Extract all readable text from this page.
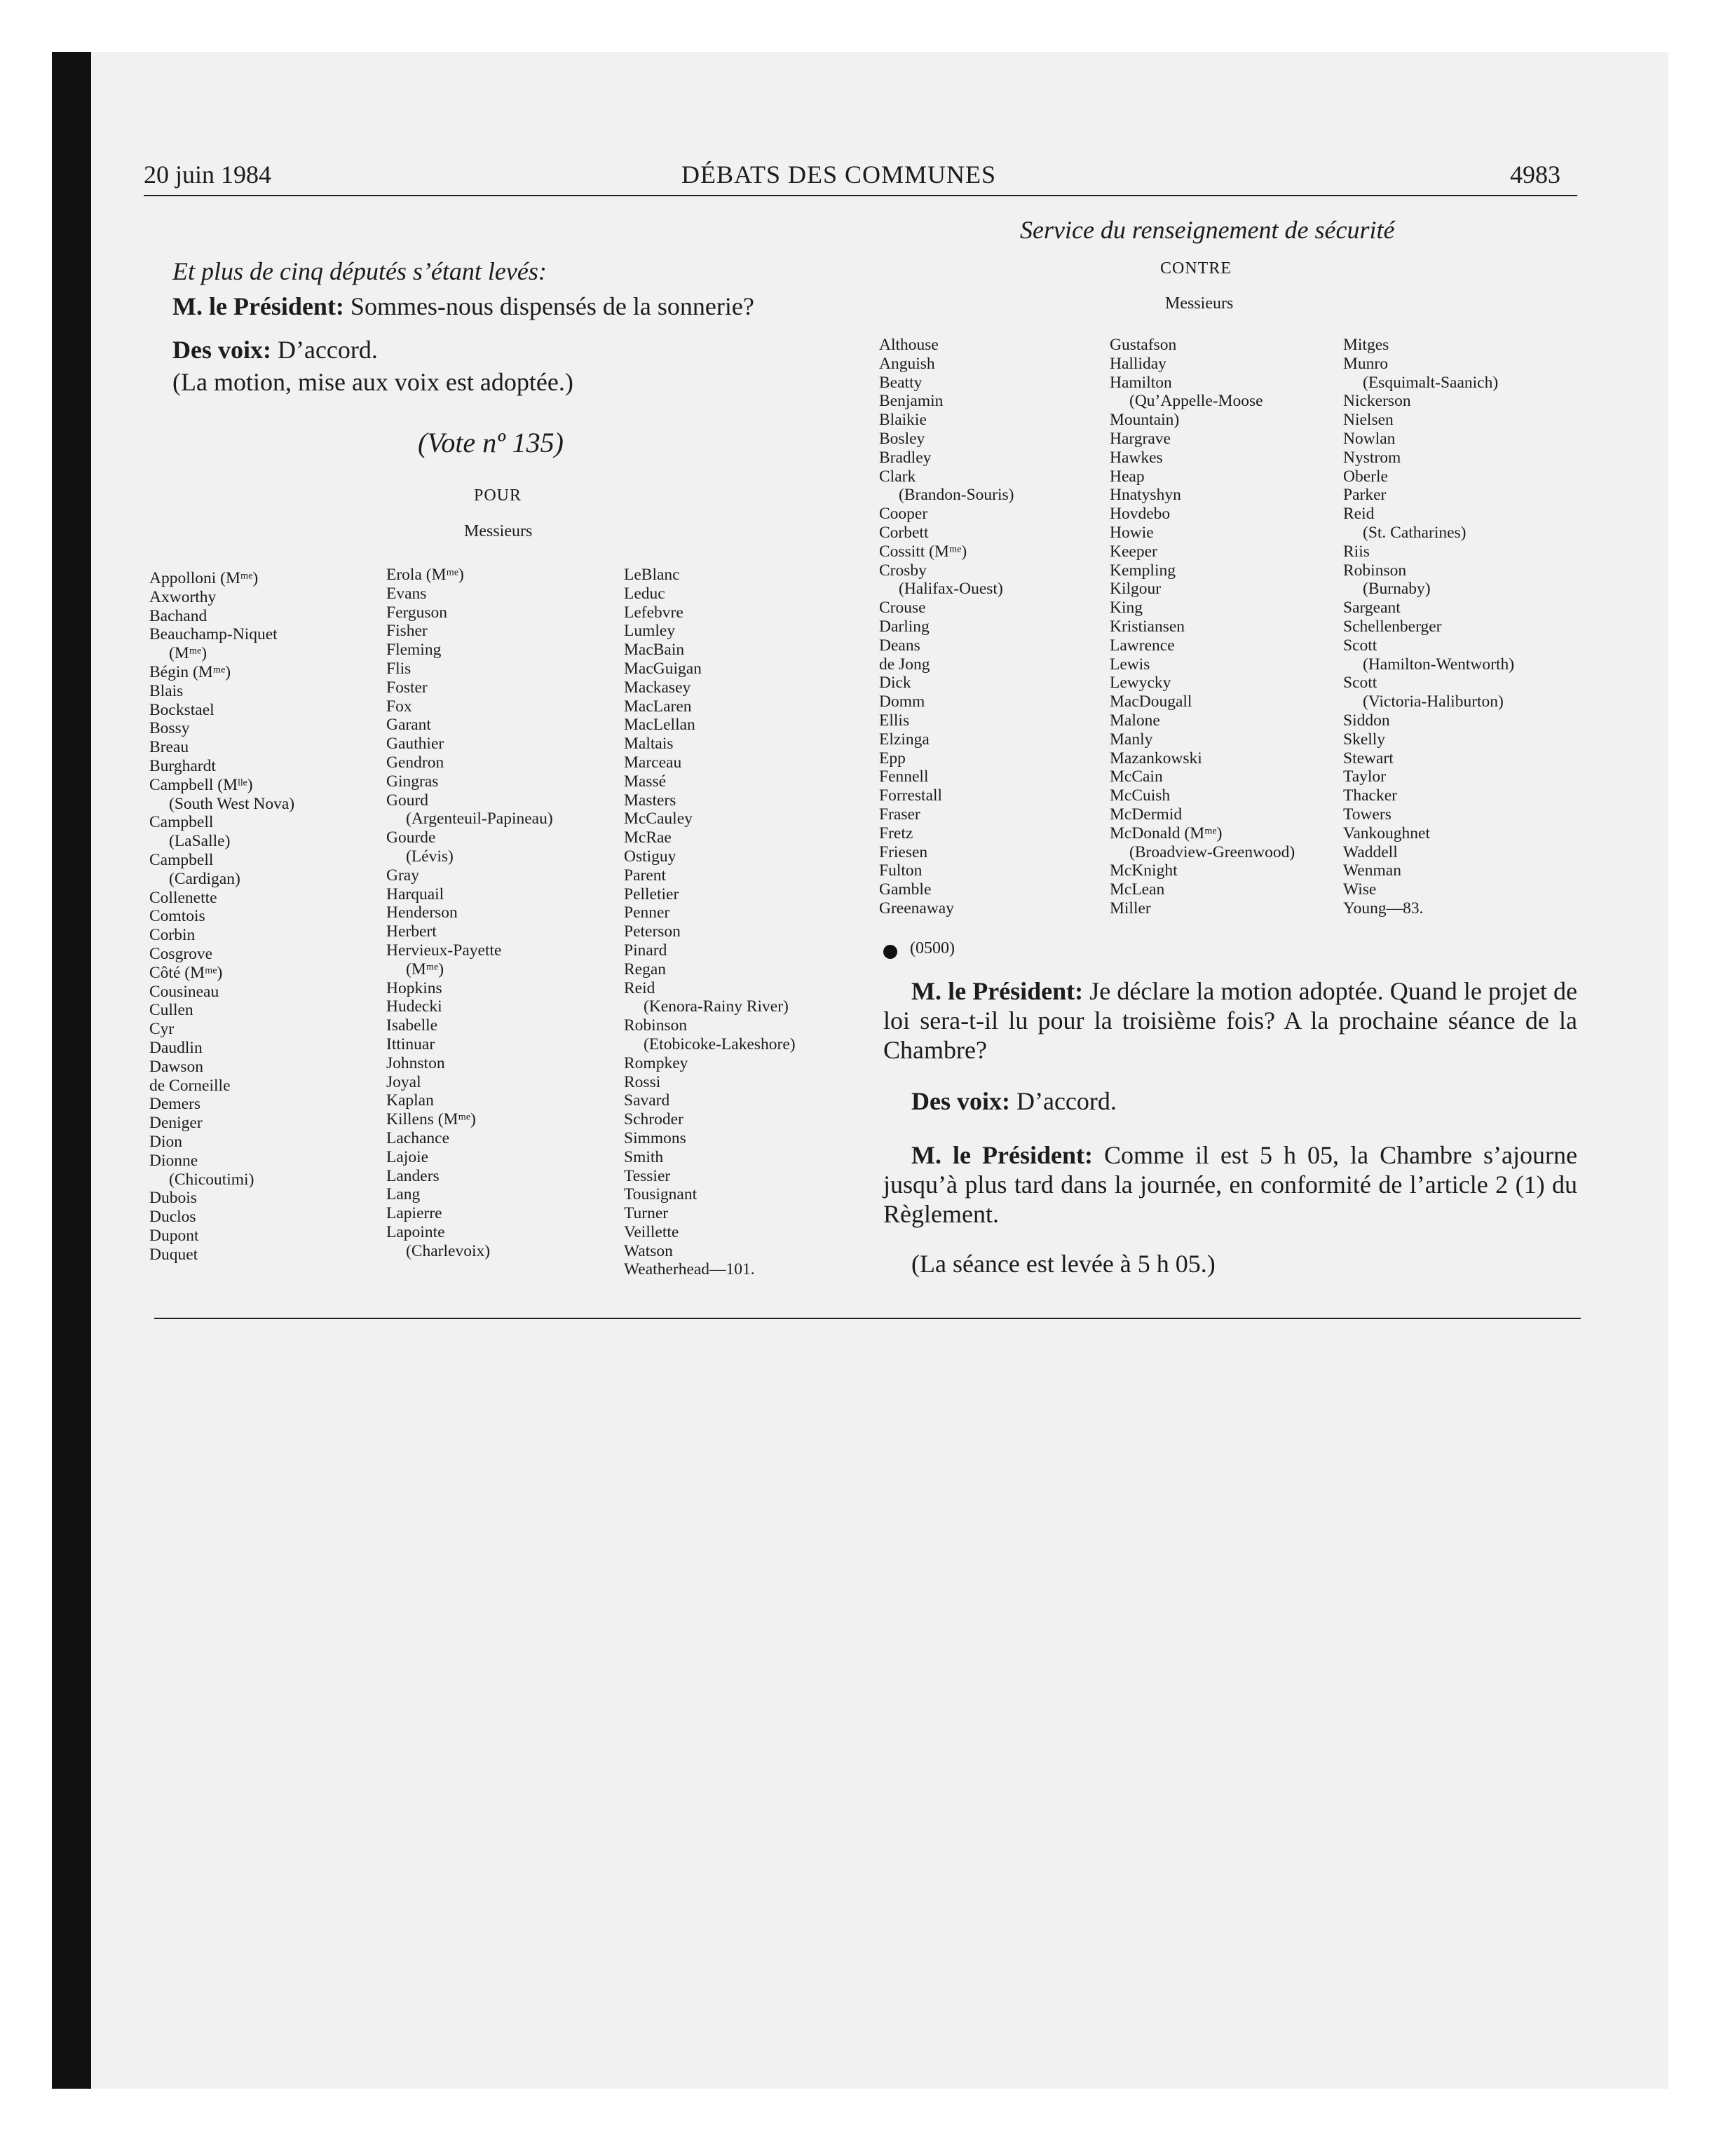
20 juin 1984	DÉBATS DES COMMUNES	4983
Et plus de cinq députés s’étant levés:
M. le Président: Sommes-nous dispensés de la sonnerie?
Des voix: D’accord.
(La motion, mise aux voix est adoptée.)
(Vote nº 135)
POUR
Messieurs
Appolloni (Mᵐᵉ)
Axworthy
Bachand
Beauchamp-Niquet
(Mᵐᵉ)
Bégin (Mᵐᵉ)
Blais
Bockstael
Bossy
Breau
Burghardt
Campbell (Mˡˡᵉ)
(South West Nova)
Campbell
(LaSalle)
Campbell
(Cardigan)
Collenette
Comtois
Corbin
Cosgrove
Côté (Mᵐᵉ)
Cousineau
Cullen
Cyr
Daudlin
Dawson
de Corneille
Demers
Deniger
Dion
Dionne
(Chicoutimi)
Dubois
Duclos
Dupont
Duquet
Erola (Mᵐᵉ)
Evans
Ferguson
Fisher
Fleming
Flis
Foster
Fox
Garant
Gauthier
Gendron
Gingras
Gourd
(Argenteuil-Papineau)
Gourde
(Lévis)
Gray
Harquail
Henderson
Herbert
Hervieux-Payette
(Mᵐᵉ)
Hopkins
Hudecki
Isabelle
Ittinuar
Johnston
Joyal
Kaplan
Killens (Mᵐᵉ)
Lachance
Lajoie
Landers
Lang
Lapierre
Lapointe
(Charlevoix)
LeBlanc
Leduc
Lefebvre
Lumley
MacBain
MacGuigan
Mackasey
MacLaren
MacLellan
Maltais
Marceau
Massé
Masters
McCauley
McRae
Ostiguy
Parent
Pelletier
Penner
Peterson
Pinard
Regan
Reid
(Kenora-Rainy River)
Robinson
(Etobicoke-Lakeshore)
Rompkey
Rossi
Savard
Schroder
Simmons
Smith
Tessier
Tousignant
Turner
Veillette
Watson
Weatherhead—101.
Service du renseignement de sécurité
CONTRE
Messieurs
Althouse
Anguish
Beatty
Benjamin
Blaikie
Bosley
Bradley
Clark
(Brandon-Souris)
Cooper
Corbett
Cossitt (Mᵐᵉ)
Crosby
(Halifax-Ouest)
Crouse
Darling
Deans
de Jong
Dick
Domm
Ellis
Elzinga
Epp
Fennell
Forrestall
Fraser
Fretz
Friesen
Fulton
Gamble
Greenaway
Gustafson
Halliday
Hamilton
(Qu’Appelle-Moose
Mountain)
Hargrave
Hawkes
Heap
Hnatyshyn
Hovdebo
Howie
Keeper
Kempling
Kilgour
King
Kristiansen
Lawrence
Lewis
Lewycky
MacDougall
Malone
Manly
Mazankowski
McCain
McCuish
McDermid
McDonald (Mᵐᵉ)
(Broadview-Greenwood)
McKnight
McLean
Miller
Mitges
Munro
(Esquimalt-Saanich)
Nickerson
Nielsen
Nowlan
Nystrom
Oberle
Parker
Reid
(St. Catharines)
Riis
Robinson
(Burnaby)
Sargeant
Schellenberger
Scott
(Hamilton-Wentworth)
Scott
(Victoria-Haliburton)
Siddon
Skelly
Stewart
Taylor
Thacker
Towers
Vankoughnet
Waddell
Wenman
Wise
Young—83.
(0500)
M. le Président: Je déclare la motion adoptée. Quand le projet de loi sera-t-il lu pour la troisième fois? A la prochaine séance de la Chambre?
Des voix: D’accord.
M. le Président: Comme il est 5 h 05, la Chambre s’ajourne jusqu’à plus tard dans la journée, en conformité de l’article 2 (1) du Règlement.
(La séance est levée à 5 h 05.)
